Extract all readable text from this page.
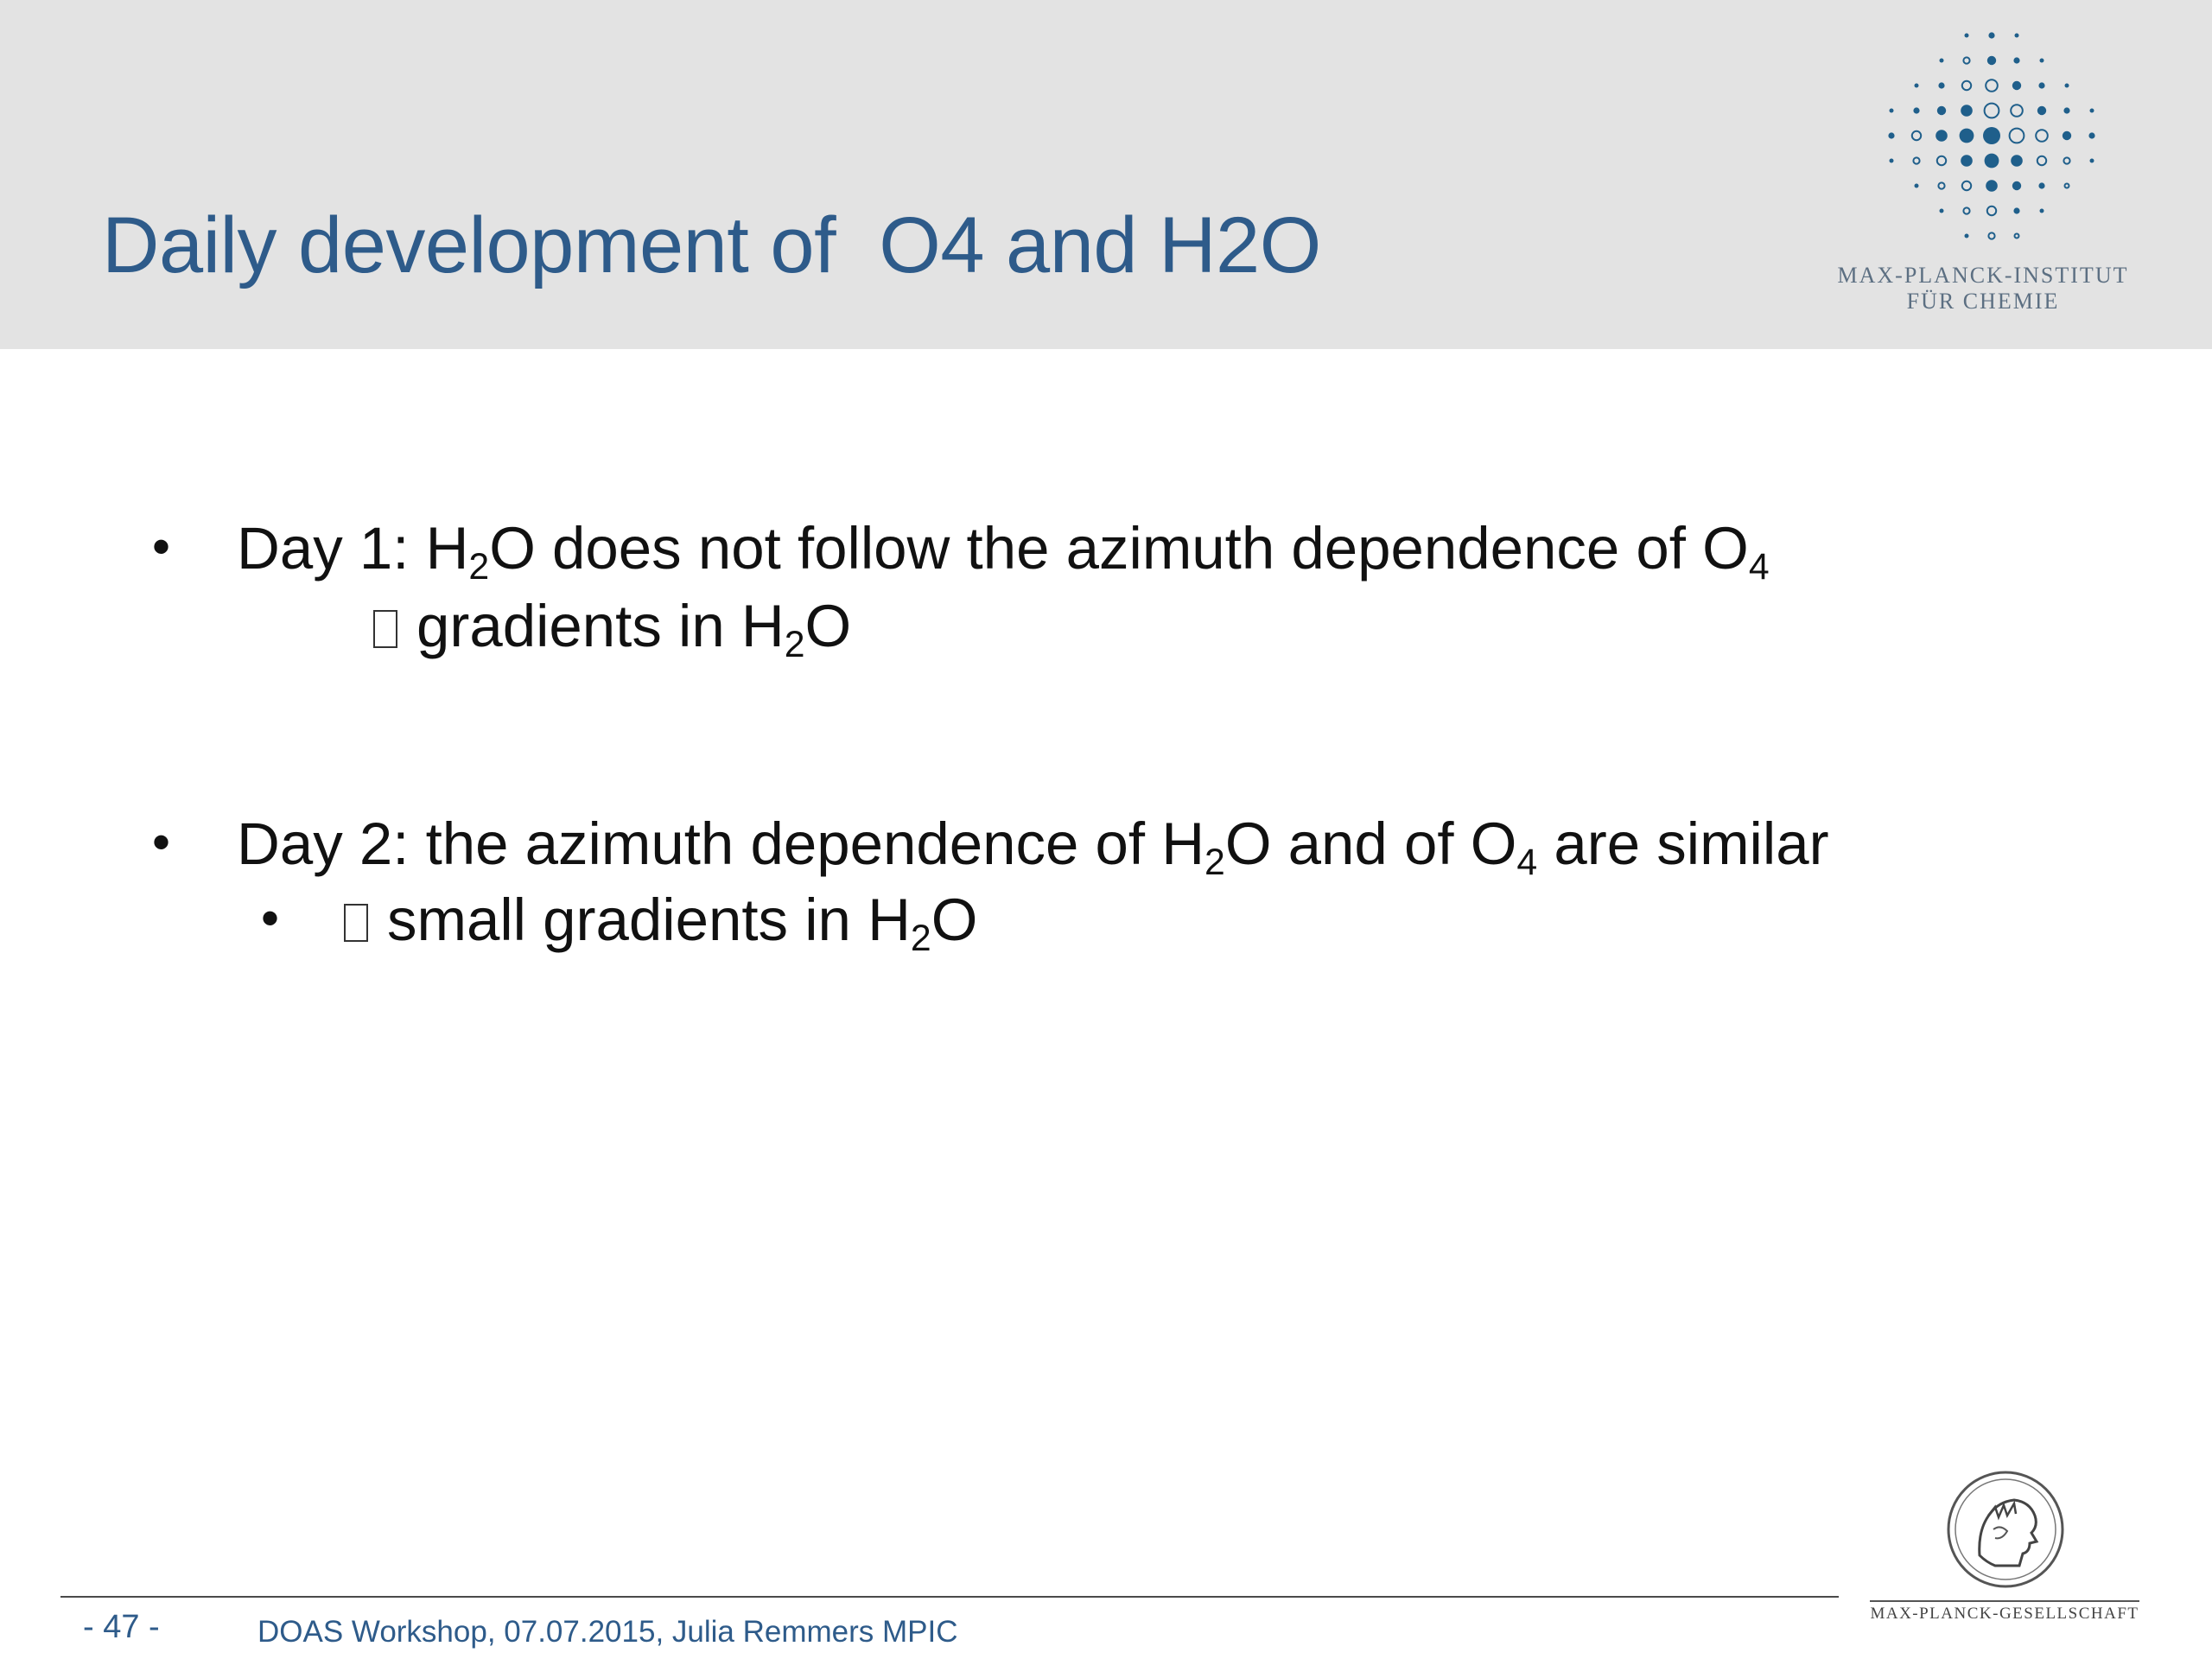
Daily development of  O4 and H2O	MAX-PLANCK-INSTITUT
FÜR CHEMIE
• Day 1: $H_2O$ does not follow the azimuth dependence of $O_4$
gradients in $H_2O$
• Day 2: the azimuth dependence of $H_2O$ and of $O_4$ are similar
•	small gradients in $H_2O$
MAX-PLANCK-GESELLSCHAFT
- 47 -	DOAS Workshop, 07.07.2015, Julia Remmers MPIC
